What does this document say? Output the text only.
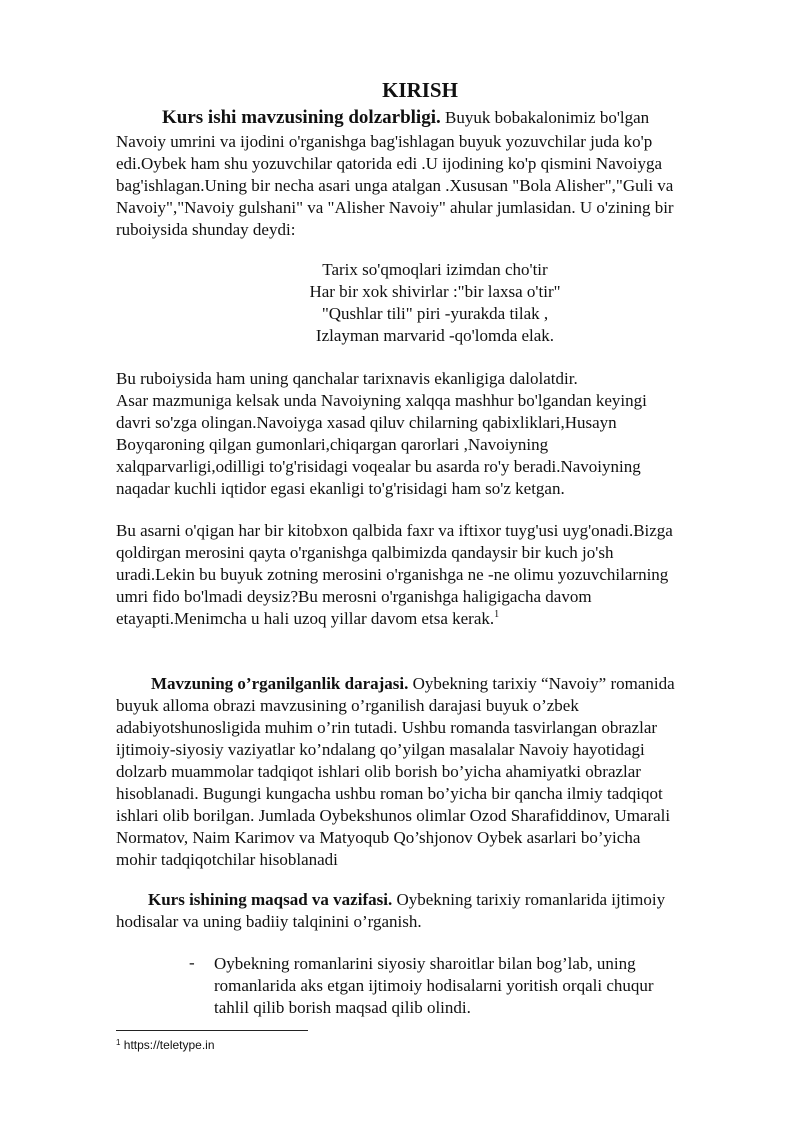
KIRISH
Kurs ishi mavzusining dolzarbligi. Buyuk bobakalonimiz bo'lgan
Navoiy umrini va ijodini o'rganishga bag'ishlagan buyuk yozuvchilar juda ko'p
edi.Oybek ham shu yozuvchilar qatorida edi .U ijodining ko'p qismini Navoiyga
bag'ishlagan.Uning bir necha asari unga atalgan .Xususan "Bola Alisher","Guli va
Navoiy","Navoiy gulshani" va "Alisher Navoiy" ahular jumlasidan. U o'zining bir
ruboiysida shunday deydi:
Tarix so'qmoqlari izimdan cho'tir
Har bir xok shivirlar :"bir laxsa o'tir"
"Qushlar tili" piri -yurakda tilak ,
Izlayman marvarid -qo'lomda elak.
Bu ruboiysida ham uning qanchalar tarixnavis ekanligiga dalolatdir.
Asar mazmuniga kelsak unda Navoiyning xalqqa mashhur bo'lgandan keyingi
davri so'zga olingan.Navoiyga xasad qiluv chilarning qabixliklari,Husayn
Boyqaroning qilgan gumonlari,chiqargan qarorlari ,Navoiyning
xalqparvarligi,odilligi to'g'risidagi voqealar bu asarda ro'y beradi.Navoiyning
naqadar kuchli iqtidor egasi ekanligi to'g'risidagi ham so'z ketgan.
Bu asarni o'qigan har bir kitobxon qalbida faxr va iftixor tuyg'usi uyg'onadi.Bizga
qoldirgan merosini qayta o'rganishga qalbimizda qandaysir bir kuch jo'sh
uradi.Lekin bu buyuk zotning merosini o'rganishga ne -ne olimu yozuvchilarning
umri fido bo'lmadi deysiz?Bu merosni o'rganishga haligigacha davom
etayapti.Menimcha u hali uzoq yillar davom etsa kerak.$^1$
Mavzuning o’rganilganlik darajasi. Oybekning tarixiy “Navoiy” romanida
buyuk alloma obrazi mavzusining o’rganilish darajasi buyuk o’zbek
adabiyotshunosligida muhim o’rin tutadi. Ushbu romanda tasvirlangan obrazlar
ijtimoiy-siyosiy vaziyatlar ko’ndalang qo’yilgan masalalar Navoiy hayotidagi
dolzarb muammolar tadqiqot ishlari olib borish bo’yicha ahamiyatki obrazlar
hisoblanadi. Bugungi kungacha ushbu roman bo’yicha bir qancha ilmiy tadqiqot
ishlari olib borilgan. Jumlada Oybekshunos olimlar Ozod Sharafiddinov, Umarali
Normatov, Naim Karimov va Matyoqub Qo’shjonov Oybek asarlari bo’yicha
mohir tadqiqotchilar hisoblanadi
Kurs ishining maqsad va vazifasi. Oybekning tarixiy romanlarida ijtimoiy
hodisalar va uning badiiy talqinini o’rganish.
- Oybekning romanlarini siyosiy sharoitlar bilan bog’lab, uning
romanlarida aks etgan ijtimoiy hodisalarni yoritish orqali chuqur
tahlil qilib borish maqsad qilib olindi.
$^1$ https://teletype.in
